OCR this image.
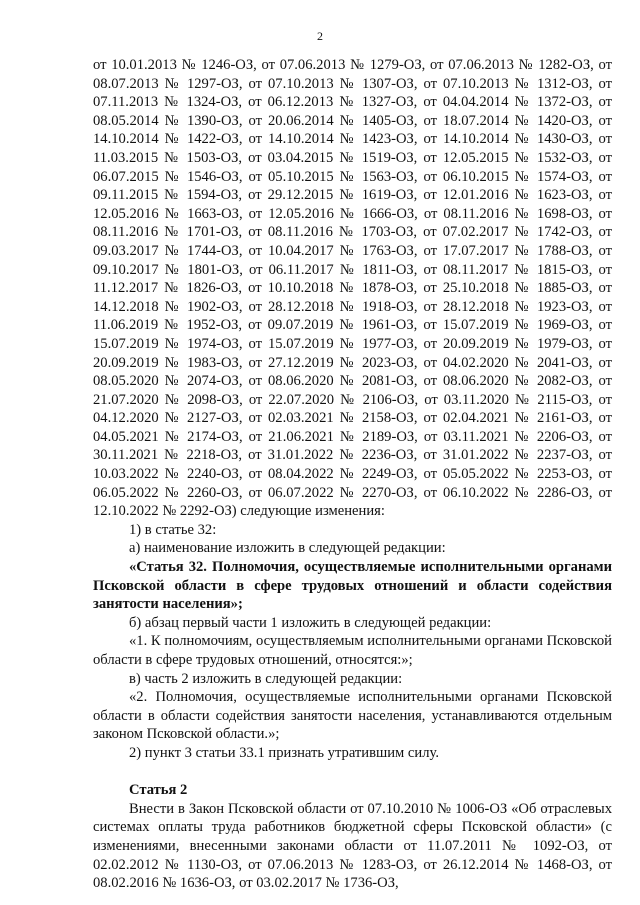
2

от 10.01.2013 № 1246-ОЗ, от 07.06.2013 № 1279-ОЗ, от 07.06.2013 № 1282-ОЗ, от 08.07.2013 № 1297-ОЗ, от 07.10.2013 № 1307-ОЗ, от 07.10.2013 № 1312-ОЗ, от 07.11.2013 № 1324-ОЗ, от 06.12.2013 № 1327-ОЗ, от 04.04.2014 № 1372-ОЗ, от 08.05.2014 № 1390-ОЗ, от 20.06.2014 № 1405-ОЗ, от 18.07.2014 № 1420-ОЗ, от 14.10.2014 № 1422-ОЗ, от 14.10.2014 № 1423-ОЗ, от 14.10.2014 № 1430-ОЗ, от 11.03.2015 № 1503-ОЗ, от 03.04.2015 № 1519-ОЗ, от 12.05.2015 № 1532-ОЗ, от 06.07.2015 № 1546-ОЗ, от 05.10.2015 № 1563-ОЗ, от 06.10.2015 № 1574-ОЗ, от 09.11.2015 № 1594-ОЗ, от 29.12.2015 № 1619-ОЗ, от 12.01.2016 № 1623-ОЗ, от 12.05.2016 № 1663-ОЗ, от 12.05.2016 № 1666-ОЗ, от 08.11.2016 № 1698-ОЗ, от 08.11.2016 № 1701-ОЗ, от 08.11.2016 № 1703-ОЗ, от 07.02.2017 № 1742-ОЗ, от 09.03.2017 № 1744-ОЗ, от 10.04.2017 № 1763-ОЗ, от 17.07.2017 № 1788-ОЗ, от 09.10.2017 № 1801-ОЗ, от 06.11.2017 № 1811-ОЗ, от 08.11.2017 № 1815-ОЗ, от 11.12.2017 № 1826-ОЗ, от 10.10.2018 № 1878-ОЗ, от 25.10.2018 № 1885-ОЗ, от 14.12.2018 № 1902-ОЗ, от 28.12.2018 № 1918-ОЗ, от 28.12.2018 № 1923-ОЗ, от 11.06.2019 № 1952-ОЗ, от 09.07.2019 № 1961-ОЗ, от 15.07.2019 № 1969-ОЗ, от 15.07.2019 № 1974-ОЗ, от 15.07.2019 № 1977-ОЗ, от 20.09.2019 № 1979-ОЗ, от 20.09.2019 № 1983-ОЗ, от 27.12.2019 № 2023-ОЗ, от 04.02.2020 № 2041-ОЗ, от 08.05.2020 № 2074-ОЗ, от 08.06.2020 № 2081-ОЗ, от 08.06.2020 № 2082-ОЗ, от 21.07.2020 № 2098-ОЗ, от 22.07.2020 № 2106-ОЗ, от 03.11.2020 № 2115-ОЗ, от 04.12.2020 № 2127-ОЗ, от 02.03.2021 № 2158-ОЗ, от 02.04.2021 № 2161-ОЗ, от 04.05.2021 № 2174-ОЗ, от 21.06.2021 № 2189-ОЗ, от 03.11.2021 № 2206-ОЗ, от 30.11.2021 № 2218-ОЗ, от 31.01.2022 № 2236-ОЗ, от 31.01.2022 № 2237-ОЗ, от 10.03.2022 № 2240-ОЗ, от 08.04.2022 № 2249-ОЗ, от 05.05.2022 № 2253-ОЗ, от 06.05.2022 № 2260-ОЗ, от 06.07.2022 № 2270-ОЗ, от 06.10.2022 № 2286-ОЗ, от 12.10.2022 № 2292-ОЗ) следующие изменения:

1) в статье 32:

а) наименование изложить в следующей редакции:

«Статья 32. Полномочия, осуществляемые исполнительными органами Псковской области в сфере трудовых отношений и области содействия занятости населения»;

б) абзац первый части 1 изложить в следующей редакции:

«1. К полномочиям, осуществляемым исполнительными органами Псковской области в сфере трудовых отношений, относятся:»;

в) часть 2 изложить в следующей редакции:

«2. Полномочия, осуществляемые исполнительными органами Псковской области в области содействия занятости населения, устанавливаются отдельным законом Псковской области.»;

2) пункт 3 статьи 33.1 признать утратившим силу.

Статья 2

Внести в Закон Псковской области от 07.10.2010 № 1006-ОЗ «Об отраслевых системах оплаты труда работников бюджетной сферы Псковской области» (с изменениями, внесенными законами области от 11.07.2011 № 1092-ОЗ, от 02.02.2012 № 1130-ОЗ, от 07.06.2013 № 1283-ОЗ, от 26.12.2014 № 1468-ОЗ, от 08.02.2016 № 1636-ОЗ, от 03.02.2017 № 1736-ОЗ,
